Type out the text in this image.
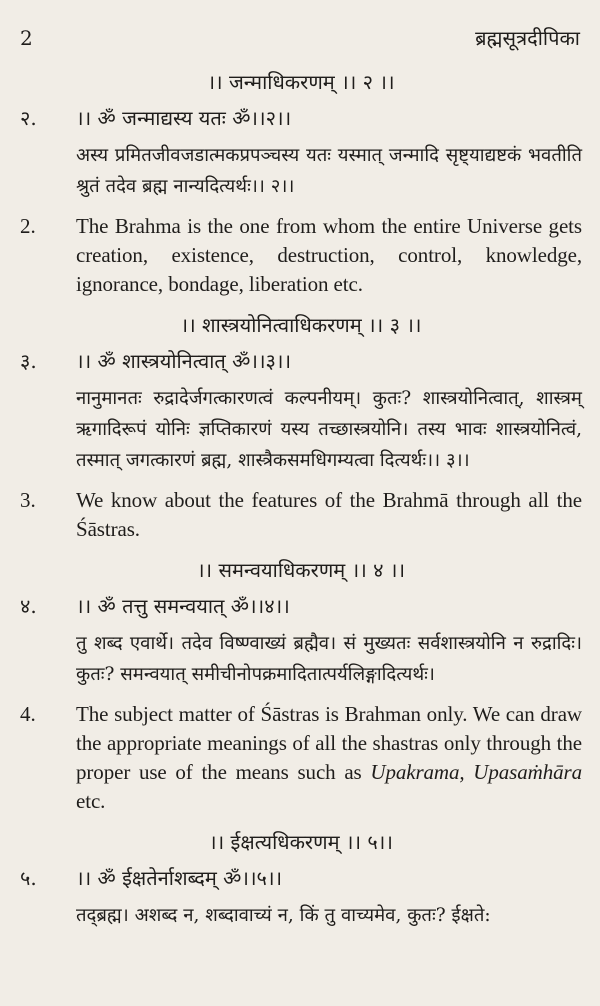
2	ब्रह्मसूत्रदीपिका
।। जन्माधिकरणम् ।। २ ।।
२.	।। ॐ जन्माद्यस्य यतः ॐ।।२।।
अस्य प्रमितजीवजडात्मकप्रपञ्चस्य यतः यस्मात् जन्मादि सृष्ट्याद्यष्टकं भवतीति श्रुतं तदेव ब्रह्म नान्यदित्यर्थः।। २।।
2.	The Brahma is the one from whom the entire Universe gets creation, existence, destruction, control, knowledge, ignorance, bondage, liberation etc.
।। शास्त्रयोनित्वाधिकरणम् ।। ३ ।।
३.	।। ॐ शास्त्रयोनित्वात् ॐ।।३।।
नानुमानतः रुद्रादेर्जगत्कारणत्वं कल्पनीयम्। कुतः? शास्त्रयोनित्वात्, शास्त्रम् ऋगादिरूपं योनिः ज्ञप्तिकारणं यस्य तच्छास्त्रयोनि। तस्य भावः शास्त्रयोनित्वं, तस्मात् जगत्कारणं ब्रह्म, शास्त्रैकसमधिगम्यत्वा दित्यर्थः।। ३।।
3.	We know about the features of the Brahmā through all the Śāstras.
।। समन्वयाधिकरणम् ।। ४ ।।
४.	।। ॐ तत्तु समन्वयात् ॐ।।४।।
तु शब्द एवार्थे। तदेव विष्ण्वाख्यं ब्रह्मैव। सं मुख्यतः सर्वशास्त्रयोनि न रुद्रादिः। कुतः? समन्वयात् समीचीनोपक्रमादितात्पर्यलिङ्गादित्यर्थः।
4.	The subject matter of Śāstras is Brahman only. We can draw the appropriate meanings of all the shastras only through the proper use of the means such as Upakrama, Upasaṁhāra etc.
।। ईक्षत्यधिकरणम् ।। ५।।
५.	।। ॐ ईक्षतेर्नाशब्दम् ॐ।।५।।
तद्ब्रह्म। अशब्द न, शब्दावाच्यं न, किं तु वाच्यमेव, कुतः? ईक्षते:
